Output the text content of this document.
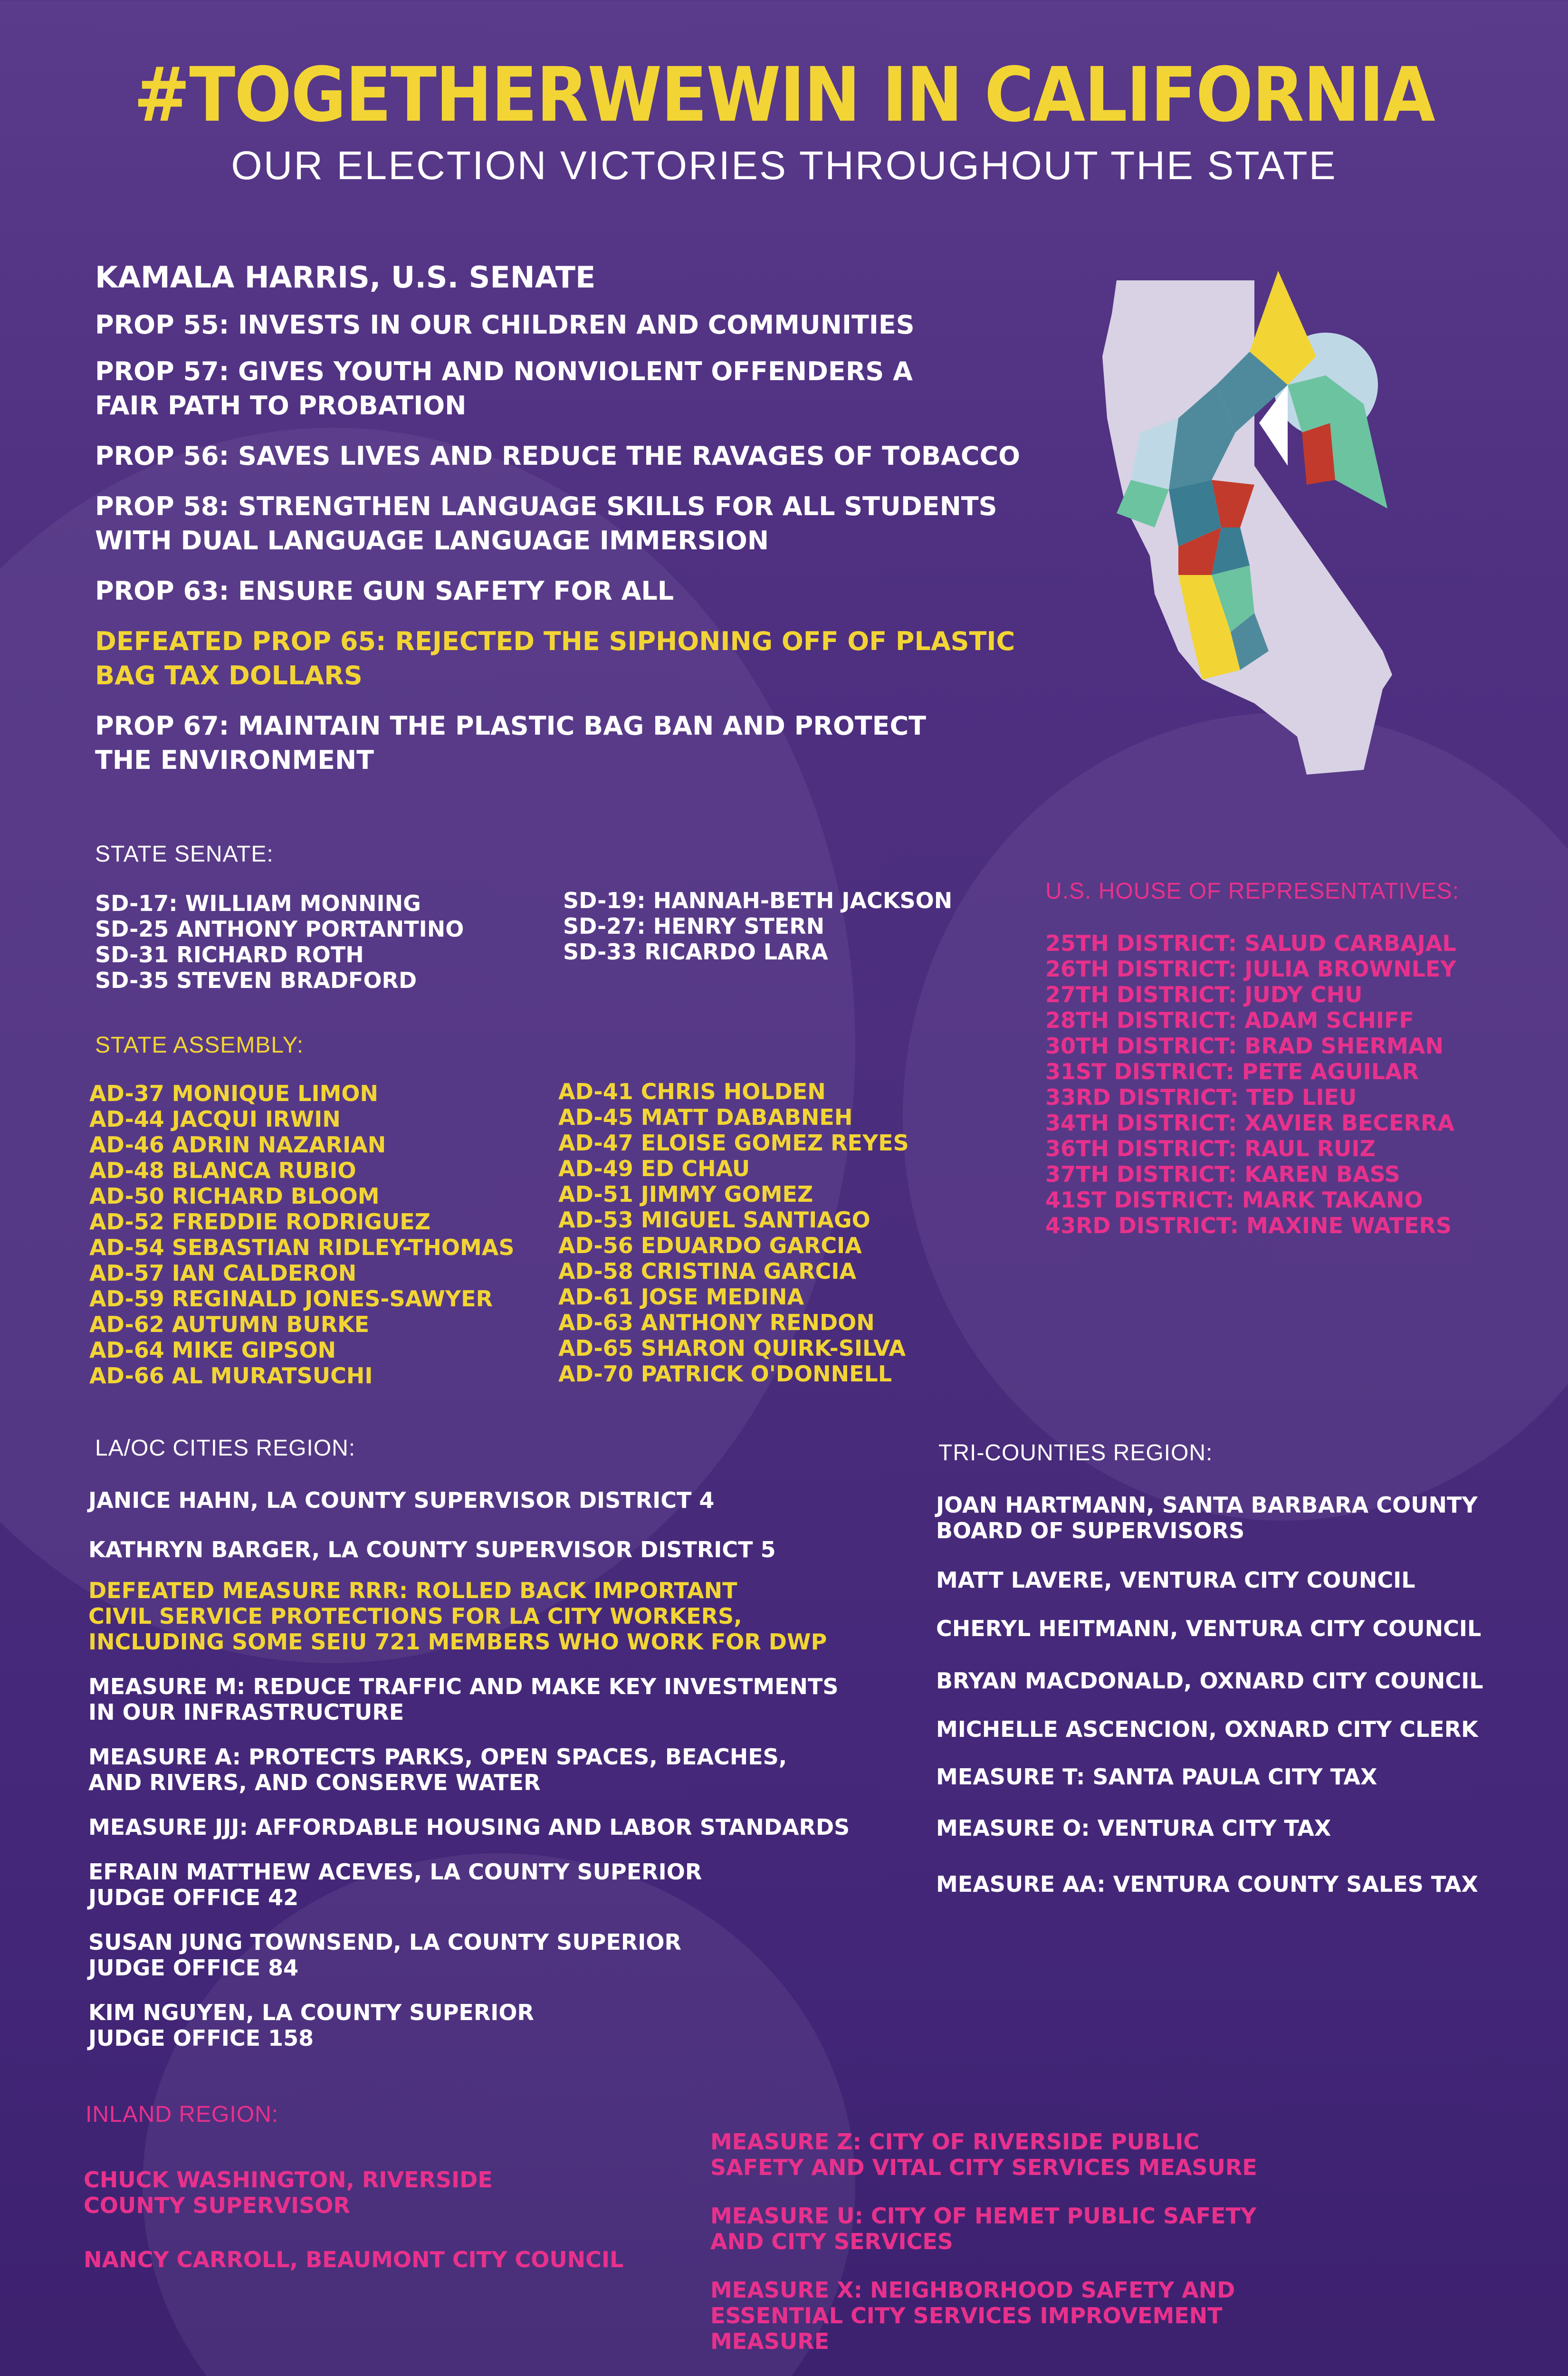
#TOGETHERWEWIN IN CALIFORNIA
OUR ELECTION VICTORIES THROUGHOUT THE STATE
KAMALA HARRIS, U.S. SENATE
PROP 55: INVESTS IN OUR CHILDREN AND COMMUNITIES
PROP 57: GIVES YOUTH AND NONVIOLENT OFFENDERS A
FAIR PATH TO PROBATION
PROP 56: SAVES LIVES AND REDUCE THE RAVAGES OF TOBACCO
PROP 58: STRENGTHEN LANGUAGE SKILLS FOR ALL STUDENTS
WITH DUAL LANGUAGE LANGUAGE IMMERSION
PROP 63: ENSURE GUN SAFETY FOR ALL
DEFEATED PROP 65: REJECTED THE SIPHONING OFF OF PLASTIC
BAG TAX DOLLARS
PROP 67: MAINTAIN THE PLASTIC BAG BAN AND PROTECT
THE ENVIRONMENT
STATE SENATE:
SD-17: WILLIAM MONNING
SD-25 ANTHONY PORTANTINO
SD-31 RICHARD ROTH
SD-35 STEVEN BRADFORD
SD-19: HANNAH-BETH JACKSON
SD-27: HENRY STERN
SD-33 RICARDO LARA
U.S. HOUSE OF REPRESENTATIVES:
25TH DISTRICT: SALUD CARBAJAL
26TH DISTRICT: JULIA BROWNLEY
27TH DISTRICT: JUDY CHU
28TH DISTRICT: ADAM SCHIFF
30TH DISTRICT: BRAD SHERMAN
31ST DISTRICT: PETE AGUILAR
33RD DISTRICT: TED LIEU
34TH DISTRICT: XAVIER BECERRA
36TH DISTRICT: RAUL RUIZ
37TH DISTRICT: KAREN BASS
41ST DISTRICT: MARK TAKANO
43RD DISTRICT: MAXINE WATERS
STATE ASSEMBLY:
AD-37 MONIQUE LIMON
AD-44 JACQUI IRWIN
AD-46 ADRIN NAZARIAN
AD-48 BLANCA RUBIO
AD-50 RICHARD BLOOM
AD-52 FREDDIE RODRIGUEZ
AD-54 SEBASTIAN RIDLEY-THOMAS
AD-57 IAN CALDERON
AD-59 REGINALD JONES-SAWYER
AD-62 AUTUMN BURKE
AD-64 MIKE GIPSON
AD-66 AL MURATSUCHI
AD-41 CHRIS HOLDEN
AD-45 MATT DABABNEH
AD-47 ELOISE GOMEZ REYES
AD-49 ED CHAU
AD-51 JIMMY GOMEZ
AD-53 MIGUEL SANTIAGO
AD-56 EDUARDO GARCIA
AD-58 CRISTINA GARCIA
AD-61 JOSE MEDINA
AD-63 ANTHONY RENDON
AD-65 SHARON QUIRK-SILVA
AD-70 PATRICK O'DONNELL
LA/OC CITIES REGION:
JANICE HAHN, LA COUNTY SUPERVISOR DISTRICT 4
KATHRYN BARGER, LA COUNTY SUPERVISOR DISTRICT 5
DEFEATED MEASURE RRR: ROLLED BACK IMPORTANT
CIVIL SERVICE PROTECTIONS FOR LA CITY WORKERS,
INCLUDING SOME SEIU 721 MEMBERS WHO WORK FOR DWP
MEASURE M: REDUCE TRAFFIC AND MAKE KEY INVESTMENTS
IN OUR INFRASTRUCTURE
MEASURE A: PROTECTS PARKS, OPEN SPACES, BEACHES,
AND RIVERS, AND CONSERVE WATER
MEASURE JJJ: AFFORDABLE HOUSING AND LABOR STANDARDS
EFRAIN MATTHEW ACEVES, LA COUNTY SUPERIOR
JUDGE OFFICE 42
SUSAN JUNG TOWNSEND, LA COUNTY SUPERIOR
JUDGE OFFICE 84
KIM NGUYEN, LA COUNTY SUPERIOR
JUDGE OFFICE 158
TRI-COUNTIES REGION:
JOAN HARTMANN, SANTA BARBARA COUNTY
BOARD OF SUPERVISORS
MATT LAVERE, VENTURA CITY COUNCIL
CHERYL HEITMANN, VENTURA CITY COUNCIL
BRYAN MACDONALD, OXNARD CITY COUNCIL
MICHELLE ASCENCION, OXNARD CITY CLERK
MEASURE T: SANTA PAULA CITY TAX
MEASURE O: VENTURA CITY TAX
MEASURE AA: VENTURA COUNTY SALES TAX
INLAND REGION:
CHUCK WASHINGTON, RIVERSIDE
COUNTY SUPERVISOR
NANCY CARROLL, BEAUMONT CITY COUNCIL
MEASURE Z: CITY OF RIVERSIDE PUBLIC
SAFETY AND VITAL CITY SERVICES MEASURE
MEASURE U: CITY OF HEMET PUBLIC SAFETY
AND CITY SERVICES
MEASURE X: NEIGHBORHOOD SAFETY AND
ESSENTIAL CITY SERVICES IMPROVEMENT
MEASURE
